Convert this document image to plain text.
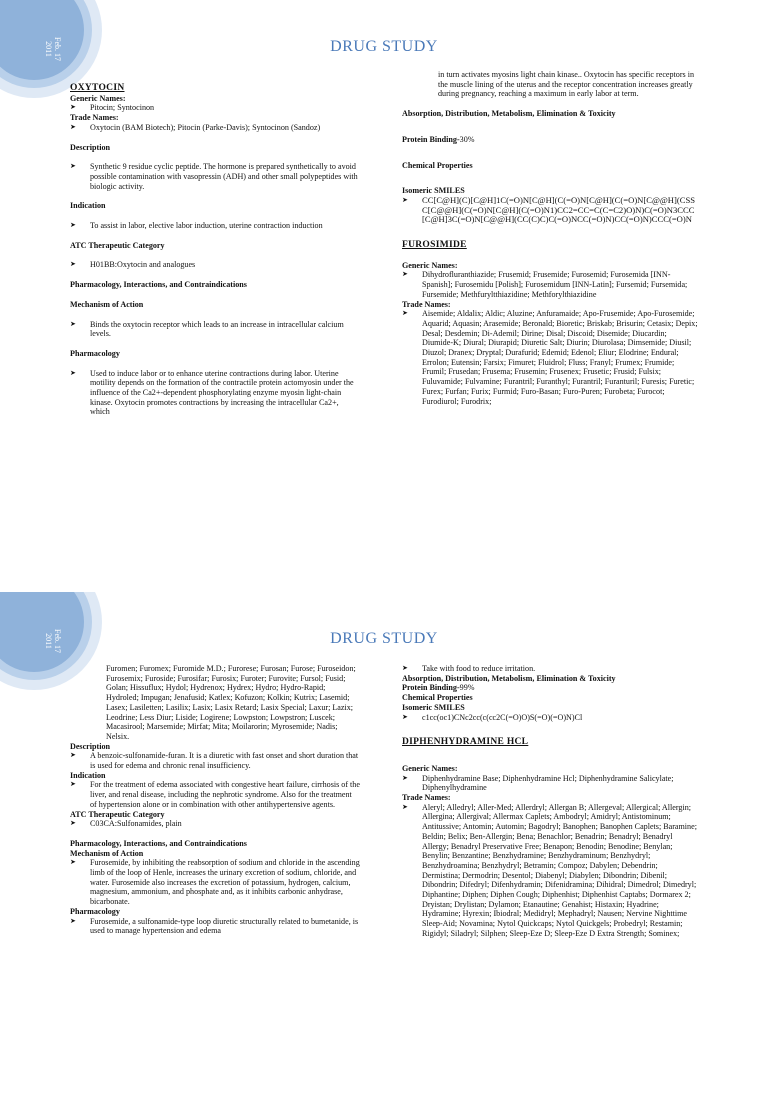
Feb. 17
2011	DRUG STUDY

OXYTOCIN

Generic Names:

➤ Pitocin; Syntocinon

Trade Names:

➤ Oxytocin (BAM Biotech); Pitocin (Parke-Davis); Syntocinon (Sandoz)

Description

➤ Synthetic 9 residue cyclic peptide. The hormone is prepared synthetically to avoid possible contamination with vasopressin (ADH) and other small polypeptides with biologic activity.

Indication

➤ To assist in labor, elective labor induction, uterine contraction induction

ATC Therapeutic Category

➤ H01BB:Oxytocin and analogues

Pharmacology, Interactions, and Contraindications

Mechanism of Action

➤ Binds the oxytocin receptor which leads to an increase in intracellular calcium levels.

Pharmacology

➤ Used to induce labor or to enhance uterine contractions during labor. Uterine motility depends on the formation of the contractile protein actomyosin under the influence of the Ca2+-dependent phosphorylating enzyme myosin light-chain kinase. Oxytocin promotes contractions by increasing the intracellular Ca2+, which

in turn activates myosins light chain kinase.. Oxytocin has specific receptors in the muscle lining of the uterus and the receptor concentration increases greatly during pregnancy, reaching a maximum in early labor at term.

Absorption, Distribution, Metabolism, Elimination & Toxicity

Protein Binding-30%

Chemical Properties

Isomeric SMILES

➤ CC[C@H](C)[C@H]1C(=O)N[C@H](C(=O)N[C@H](C(=O)N[C@@H](CSSC[C@@H](C(=O)N[C@H](C(=O)N1)CC2=CC=C(C=C2)O)N)C(=O)N3CCC[C@H]3C(=O)N[C@@H](CC(C)C)C(=O)NCC(=O)N)CC(=O)N)CCC(=O)N

FUROSIMIDE

Generic Names:

➤ Dihydrofluranthiazide; Frusemid; Frusemide; Furosemid; Furosemida [INN-Spanish]; Furosemidu [Polish]; Furosemidum [INN-Latin]; Fursemid; Fursemida; Fursemide; Methfuryltthiazidine; Methforylthiazidine

Trade Names:

➤ Aisemide; Aldalix; Aldic; Aluzine; Anfuramaide; Apo-Frusemide; Apo-Furosemide; Aquarid; Aquasin; Arasemide; Beronald; Bioretic; Briskab; Brisurin; Cetasix; Depix; Desal; Desdemin; Di-Ademil; Dirine; Disal; Discoid; Disemide; Diucardin; Diumide-K; Diural; Diurapid; Diuretic Salt; Diurin; Diurolasa; Dimsemide; Diusil; Diuzol; Dranex; Dryptal; Durafurid; Edemid; Edenol; Eliur; Elodrine; Endural; Errolon; Eutensin; Farsix; Fimuret; Fluidrol; Fluss; Franyl; Frumex; Frumide; Frumil; Frusedan; Frusema; Frusemin; Frusenex; Frusetic; Frusid; Fulsix; Fuluvamide; Fulvamine; Furantril; Furanthyl; Furantril; Furanturil; Furesis; Furetic; Furex; Furfan; Furix; Furmid; Furo-Basan; Furo-Puren; Furobeta; Furocot; Furodiurol; Furodrix;

Feb. 17
2011	DRUG STUDY

Furomen; Furomex; Furomide M.D.; Furorese; Furosan; Furose; Furoseidon; Furosemix; Furoside; Furosifar; Furosix; Furoter; Furovite; Fursol; Fusid; Golan; Hissuflux; Hydol; Hydrenox; Hydrex; Hydro; Hydro-Rapid; Hydroled; Impugan; Jenafusid; Katlex; Kofuzon; Kolkin; Kutrix; Lasemid; Lasex; Lasiletten; Lasilix; Lasix; Lasix Retard; Lasix Special; Laxur; Lazix; Leodrine; Less Diur; Liside; Logirene; Lowpston; Lowpstron; Luscek; Macasirool; Marsemide; Mirfat; Mita; Moilarorin; Myrosemide; Nadis; Nelsix.

Description

➤ A benzoic-sulfonamide-furan. It is a diuretic with fast onset and short duration that is used for edema and chronic renal insufficiency.

Indication

➤ For the treatment of edema associated with congestive heart failure, cirrhosis of the liver, and renal disease, including the nephrotic syndrome. Also for the treatment of hypertension alone or in combination with other antihypertensive agents.

ATC Therapeutic Category

➤ C03CA:Sulfonamides, plain

Pharmacology, Interactions, and Contraindications

Mechanism of Action

➤ Furosemide, by inhibiting the reabsorption of sodium and chloride in the ascending limb of the loop of Henle, increases the urinary excretion of sodium, chloride, and water. Furosemide also increases the excretion of potassium, hydrogen, calcium, magnesium, ammonium, and phosphate and, as it inhibits carbonic anhydrase, bicarbonate.

Pharmacology

➤ Furosemide, a sulfonamide-type loop diuretic structurally related to bumetanide, is used to manage hypertension and edema

➤ Take with food to reduce irritation.

Absorption, Distribution, Metabolism, Elimination & Toxicity

Protein Binding-99%

Chemical Properties

Isomeric SMILES

➤ c1cc(oc1)CNc2cc(c(cc2C(=O)O)S(=O)(=O)N)Cl

DIPHENHYDRAMINE HCL

Generic Names:

➤ Diphenhydramine Base; Diphenhydramine Hcl; Diphenhydramine Salicylate; Diphenylhydramine

Trade Names:

➤ Aleryl; Alledryl; Aller-Med; Allerdryl; Allergan B; Allergeval; Allergical; Allergin; Allergina; Allergival; Allermax Caplets; Ambodryl; Amidryl; Antistominum; Antitussive; Antomin; Automin; Bagodryl; Banophen; Banophen Caplets; Baramine; Beldin; Belix; Ben-Allergin; Bena; Benachlor; Benadrin; Benadryl; Benadryl Allergy; Benadryl Preservative Free; Benapon; Benodin; Benodine; Benylan; Benylin; Benzantine; Benzhydramine; Benzhydraminum; Benzhydryl; Benzhydroamina; Benzhydryl; Betramin; Compoz; Dabylen; Debendrin; Dermistina; Dermodrin; Desentol; Diabenyl; Diabylen; Dibondrin; Dibenil; Dibondrin; Difedryl; Difenhydramin; Difenidramina; Dihidral; Dimedrol; Dimedryl; Diphantine; Diphen; Diphen Cough; Diphenhist; Diphenhist Captabs; Dormarex 2; Dryistan; Drylistan; Dylamon; Etanautine; Genahist; Histaxin; Hyadrine; Hydramine; Hyrexin; Ibiodral; Medidryl; Mephadryl; Nausen; Nervine Nighttime Sleep-Aid; Novamina; Nytol Quickcaps; Nytol Quickgels; Probedryl; Restamin; Rigidyl; Siladryl; Silphen; Sleep-Eze D; Sleep-Eze D Extra Strength; Sominex;
